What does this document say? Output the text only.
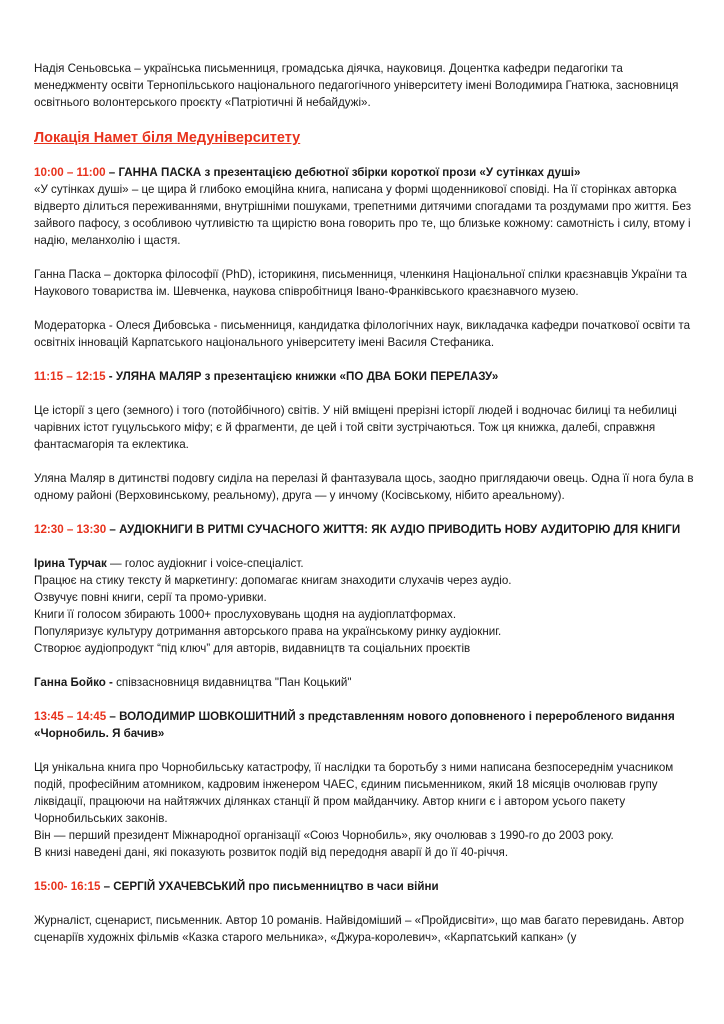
Надія Сеньовська – українська письменниця, громадська діячка, науковиця. Доцентка кафедри педагогіки та менеджменту освіти Тернопільського національного педагогічного університету імені Володимира Гнатюка, засновниця освітнього волонтерського проєкту «Патріотичні й небайдужі».

Локація Намет біля Медуніверситету

10:00 – 11:00 – ГАННА ПАСКА з презентацією дебютної збірки короткої прози «У сутінках душі»

«У сутінках душі» – це щира й глибоко емоційна книга, написана у формі щоденникової сповіді. На її сторінках авторка відверто ділиться переживаннями, внутрішніми пошуками, трепетними дитячими спогадами та роздумами про життя. Без зайвого пафосу, з особливою чутливістю та щирістю вона говорить про те, що близьке кожному: самотність і силу, втому і надію, меланхолію і щастя.

Ганна Паска – докторка філософії (PhD), історикиня, письменниця, членкиня Національної спілки краєзнавців України та Наукового товариства ім. Шевченка, наукова співробітниця Івано-Франківського краєзнавчого музею.

Модераторка - Олеся Дибовська - письменниця, кандидатка філологічних наук, викладачка кафедри початкової освіти та освітніх інновацій Карпатського національного університету імені Василя Стефаника.

11:15 – 12:15 - УЛЯНА МАЛЯР з презентацією книжки «ПО ДВА БОКИ ПЕРЕЛАЗУ»

Це історії з цего (земного) і того (потойбічного) світів. У ній вміщені прерізні історії людей і водночас билиці та небилиці чарівних істот гуцульського міфу; є й фрагменти, де цей і той світи зустрічаються. Тож ця книжка, далебі, справжня фантасмагорія та еклектика.

Уляна Маляр в дитинстві подовгу сиділа на перелазі й фантазувала щось, заодно приглядаючи овець. Одна її нога була в одному районі (Верховинському, реальному), друга — у инчому (Косівському, нібито ареальному).

12:30 – 13:30 – АУДІОКНИГИ В РИТМІ СУЧАСНОГО ЖИТТЯ: ЯК АУДІО ПРИВОДИТЬ НОВУ АУДИТОРІЮ ДЛЯ КНИГИ

Ірина Турчак — голос аудіокниг і voice-спеціаліст.

Працює на стику тексту й маркетингу: допомагає книгам знаходити слухачів через аудіо.

Озвучує повні книги, серії та промо-уривки.

Книги її голосом збирають 1000+ прослуховувань щодня на аудіоплатформах.

Популяризує культуру дотримання авторського права на українському ринку аудіокниг.

Створює аудіопродукт “під ключ” для авторів, видавництв та соціальних проєктів

Ганна Бойко - співзасновниця видавництва "Пан Коцький"

13:45 – 14:45 – ВОЛОДИМИР ШОВКОШИТНИЙ з представленням нового доповненого і переробленого видання «Чорнобиль. Я бачив»

Ця унікальна книга про Чорнобильську катастрофу, її наслідки та боротьбу з ними написана безпосереднім учасником подій, професійним атомником, кадровим інженером ЧАЕС, єдиним письменником, який 18 місяців очолював групу ліквідації, працюючи на найтяжчих ділянках станції й пром майданчику. Автор книги є і автором усього пакету Чорнобильських законів.

Він — перший президент Міжнародної організації «Союз Чорнобиль», яку очолював з 1990-го до 2003 року.

В книзі наведені дані, які показують розвиток подій від передодня аварії й до її 40-річчя.

15:00- 16:15 – СЕРГІЙ УХАЧЕВСЬКИЙ про письменництво в часи війни

Журналіст, сценарист, письменник. Автор 10 романів. Найвідоміший – «Пройдисвіти», що мав багато перевидань. Автор сценаріїв художніх фільмів «Казка старого мельника», «Джура-королевич», «Карпатський капкан» (у
